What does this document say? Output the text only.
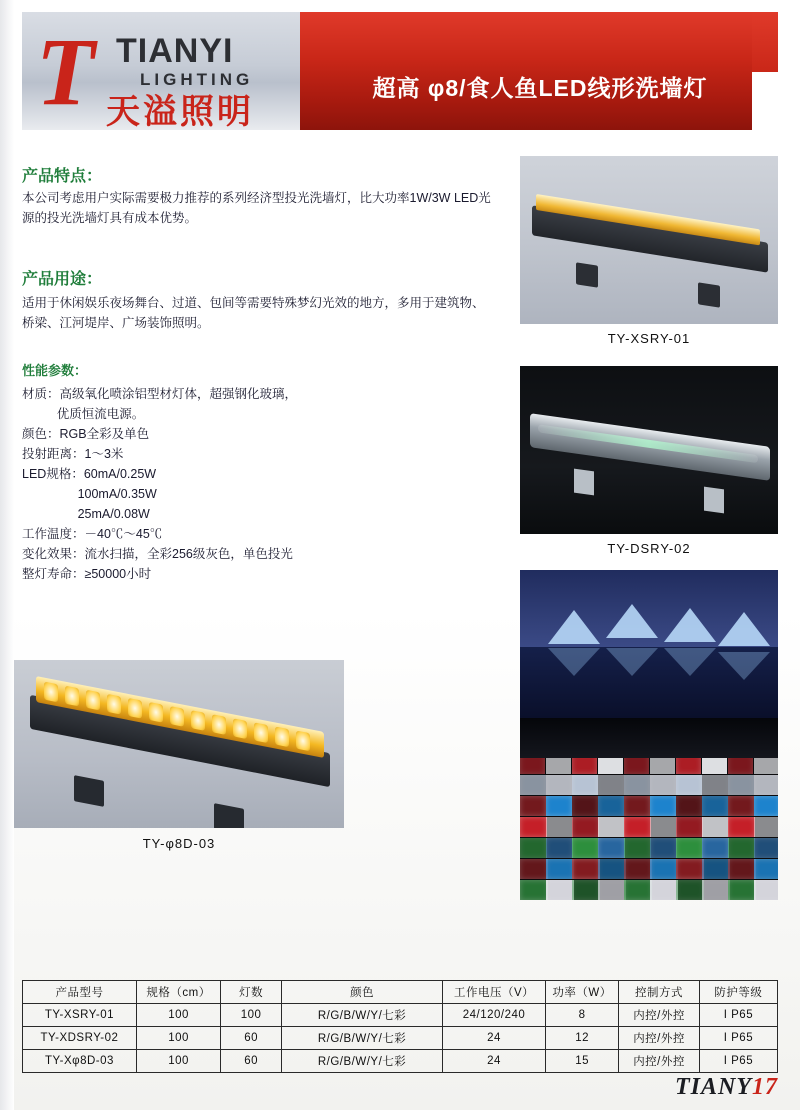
T TIANYI
LIGHTING
天溢照明
超高 φ8/食人鱼LED线形洗墙灯
产品特点：
本公司考虑用户实际需要极力推荐的系列经济型投光洗墙灯，比大功率1W/3W LED光源的投光洗墙灯具有成本优势。
产品用途：
适用于休闲娱乐夜场舞台、过道、包间等需要特殊梦幻光效的地方，多用于建筑物、桥梁、江河堤岸、广场装饰照明。
性能参数：
材质：高级氧化喷涂铝型材灯体，超强钢化玻璃，
优质恒流电源。
颜色：RGB全彩及单色
投射距离：1～3米
LED规格：60mA/0.25W
100mA/0.35W
25mA/0.08W
工作温度：－40℃～45℃
变化效果：流水扫描，全彩256级灰色，单色投光
整灯寿命：≥50000小时
TY-XSRY-01
TY-DSRY-02
TY-φ8D-03
产品型号	规格（cm）	灯数	颜色	工作电压（V）	功率（W）	控制方式	防护等级
TY-XSRY-01	100	100	R/G/B/W/Y/七彩	24/120/240	8	内控/外控	I P65
TY-XDSRY-02	100	60	R/G/B/W/Y/七彩	24	12	内控/外控	I P65
TY-Xφ8D-03	100	60	R/G/B/W/Y/七彩	24	15	内控/外控	I P65
TIANY17
